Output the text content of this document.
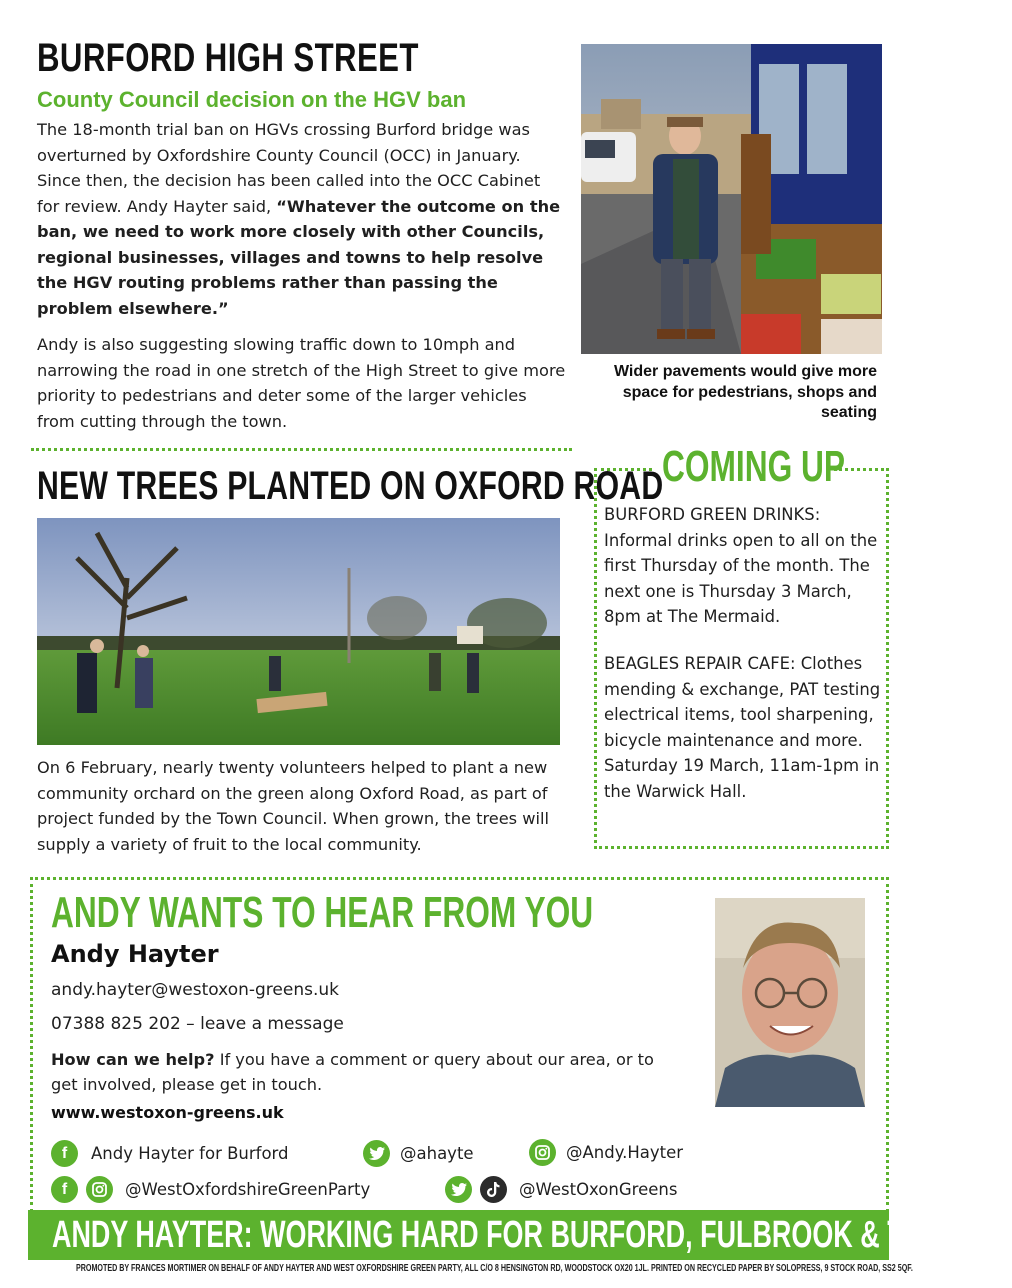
BURFORD HIGH STREET
County Council decision on the HGV ban
The 18-month trial ban on HGVs crossing Burford bridge was overturned by Oxfordshire County Council (OCC) in January. Since then, the decision has been called into the OCC Cabinet for review. Andy Hayter said, “Whatever the outcome on the ban, we need to work more closely with other Councils, regional businesses, villages and towns to help resolve the HGV routing problems rather than passing the problem elsewhere.”
Andy is also suggesting slowing traffic down to 10mph and narrowing the road in one stretch of the High Street to give more priority to pedestrians and deter some of the larger vehicles from cutting through the town.
Wider pavements would give more space for pedestrians, shops and seating
NEW TREES PLANTED ON OXFORD ROAD
On 6 February, nearly twenty volunteers helped to plant a new community orchard on the green along Oxford Road, as part of project funded by the Town Council. When grown, the trees will supply a variety of fruit to the local community.
COMING UP
BURFORD GREEN DRINKS: Informal drinks open to all on the first Thursday of the month. The next one is Thursday 3 March, 8pm at The Mermaid.
BEAGLES REPAIR CAFE: Clothes mending & exchange, PAT testing electrical items, tool sharpening, bicycle maintenance and more. Saturday 19 March, 11am-1pm in the Warwick Hall.
ANDY WANTS TO HEAR FROM YOU
Andy Hayter
andy.hayter@westoxon-greens.uk
07388 825 202 – leave a message
How can we help? If you have a comment or query about our area, or to get involved, please get in touch.
www.westoxon-greens.uk
f	Andy Hayter for Burford	@ahayte	@Andy.Hayter
f	@WestOxfordshireGreenParty	@WestOxonGreens
ANDY HAYTER: WORKING HARD FOR BURFORD, FULBROOK & TAYNTON
PROMOTED BY FRANCES MORTIMER ON BEHALF OF ANDY HAYTER AND WEST OXFORDSHIRE GREEN PARTY, ALL C/O 8 HENSINGTON RD, WOODSTOCK OX20 1JL. PRINTED ON RECYCLED PAPER BY SOLOPRESS, 9 STOCK ROAD, SS2 5QF.
